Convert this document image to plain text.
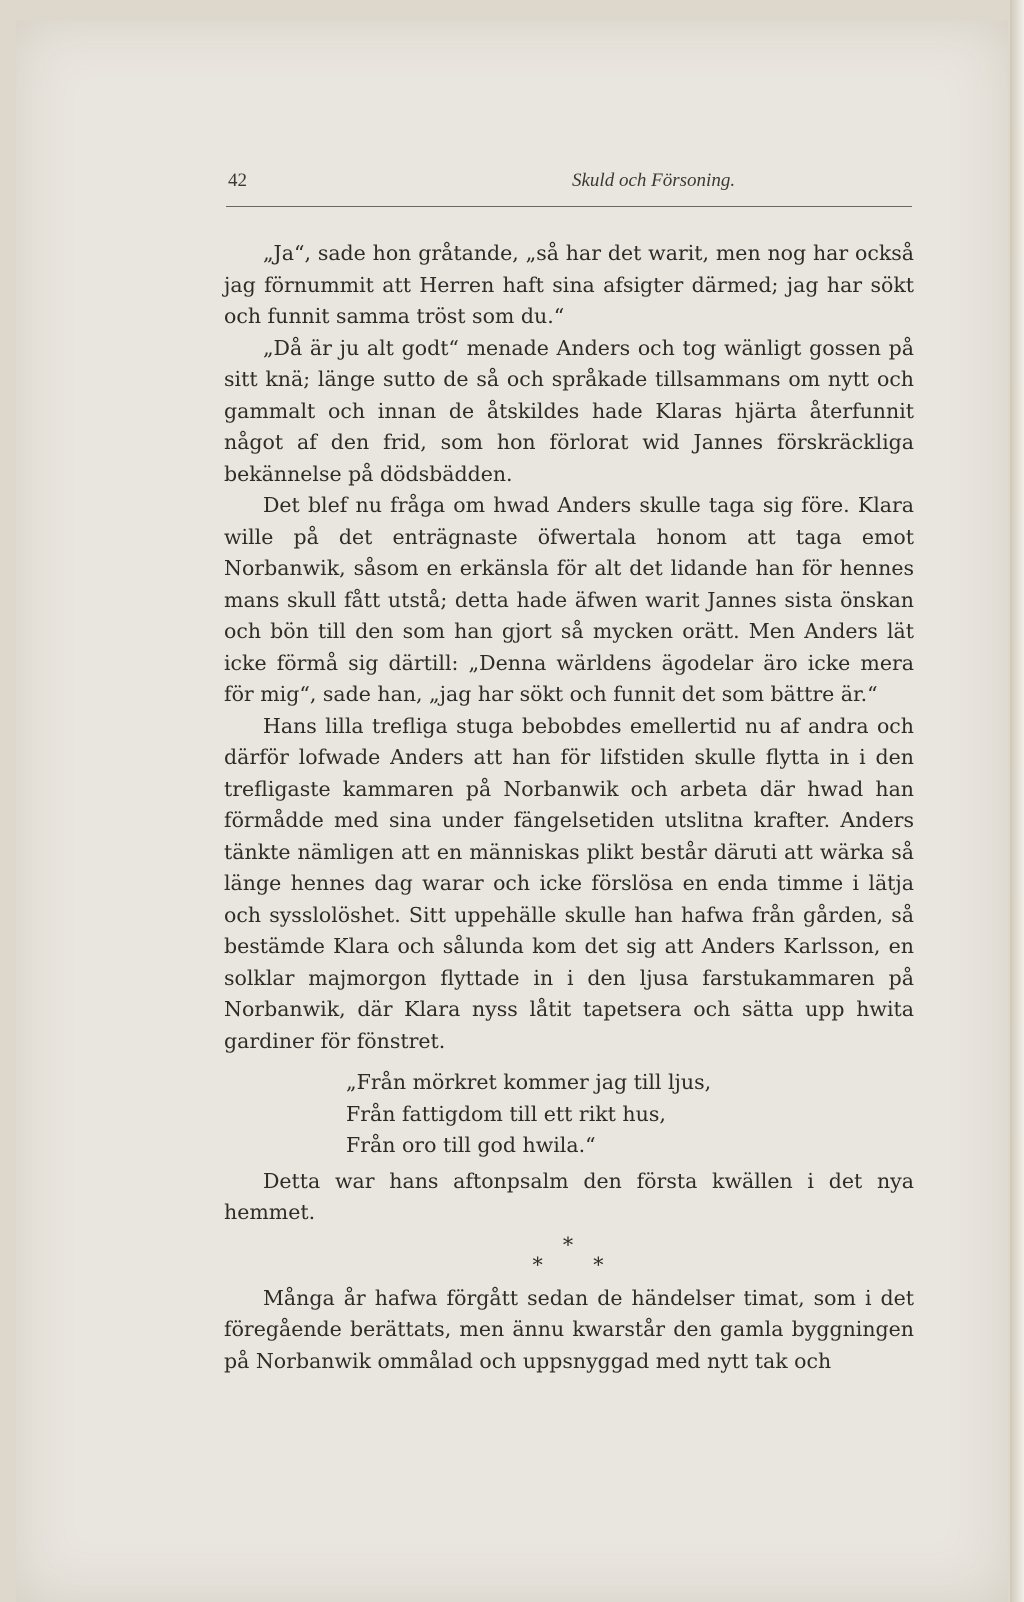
42	Skuld och Försoning.

„Ja“, sade hon gråtande, „så har det warit, men nog har också jag förnummit att Herren haft sina afsigter därmed; jag har sökt och funnit samma tröst som du.“

„Då är ju alt godt“ menade Anders och tog wänligt gossen på sitt knä; länge sutto de så och språkade tillsammans om nytt och gammalt och innan de åtskildes hade Klaras hjärta återfunnit något af den frid, som hon förlorat wid Jannes förskräckliga bekännelse på dödsbädden.

Det blef nu fråga om hwad Anders skulle taga sig före. Klara wille på det enträgnaste öfwertala honom att taga emot Norbanwik, såsom en erkänsla för alt det lidande han för hennes mans skull fått utstå; detta hade äfwen warit Jannes sista önskan och bön till den som han gjort så mycken orätt. Men Anders lät icke förmå sig därtill: „Denna wärldens ägodelar äro icke mera för mig“, sade han, „jag har sökt och funnit det som bättre är.“

Hans lilla trefliga stuga bebobdes emellertid nu af andra och därför lofwade Anders att han för lifstiden skulle flytta in i den trefligaste kammaren på Norbanwik och arbeta där hwad han förmådde med sina under fängelsetiden utslitna krafter. Anders tänkte nämligen att en människas plikt består däruti att wärka så länge hennes dag warar och icke förslösa en enda timme i lätja och sysslolöshet. Sitt uppehälle skulle han hafwa från gården, så bestämde Klara och sålunda kom det sig att Anders Karlsson, en solklar majmorgon flyttade in i den ljusa farstukammaren på Norbanwik, där Klara nyss låtit tapetsera och sätta upp hwita gardiner för fönstret.

„Från mörkret kommer jag till ljus,
Från fattigdom till ett rikt hus,
Från oro till god hwila.“

Detta war hans aftonpsalm den första kwällen i det nya hemmet.

*
* *

Många år hafwa förgått sedan de händelser timat, som i det föregående berättats, men ännu kwarstår den gamla byggningen på Norbanwik ommålad och uppsnyggad med nytt tak och
